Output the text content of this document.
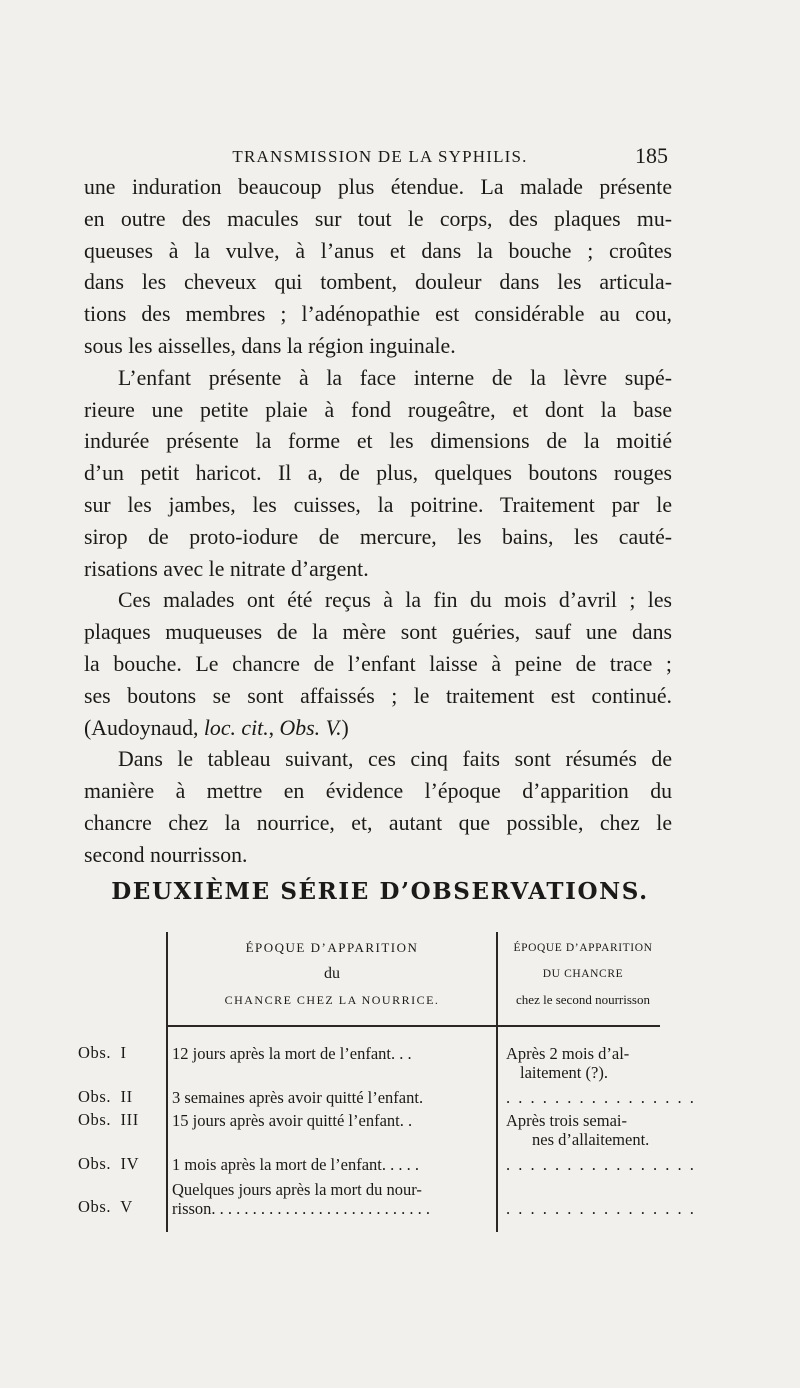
TRANSMISSION DE LA SYPHILIS.	185

une induration beaucoup plus étendue. La malade présente
en outre des macules sur tout le corps, des plaques mu-
queuses à la vulve, à l’anus et dans la bouche ; croûtes
dans les cheveux qui tombent, douleur dans les articula-
tions des membres ; l’adénopathie est considérable au cou,
sous les aisselles, dans la région inguinale.

L’enfant présente à la face interne de la lèvre supé-
rieure une petite plaie à fond rougeâtre, et dont la base
indurée présente la forme et les dimensions de la moitié
d’un petit haricot. Il a, de plus, quelques boutons rouges
sur les jambes, les cuisses, la poitrine. Traitement par le
sirop de proto-iodure de mercure, les bains, les cauté-
risations avec le nitrate d’argent.

Ces malades ont été reçus à la fin du mois d’avril ; les
plaques muqueuses de la mère sont guéries, sauf une dans
la bouche. Le chancre de l’enfant laisse à peine de trace ;
ses boutons se sont affaissés ; le traitement est continué.
(Audoynaud, loc. cit., Obs. V.)

Dans le tableau suivant, ces cinq faits sont résumés de
manière à mettre en évidence l’époque d’apparition du
chancre chez la nourrice, et, autant que possible, chez le
second nourrisson.

DEUXIÈME SÉRIE D’OBSERVATIONS.
ÉPOQUE D’APPARITION
du
CHANCRE CHEZ LA NOURRICE.
ÉPOQUE D’APPARITION
DU CHANCRE
chez le second nourrisson
Obs.  I	12 jours après la mort de l’enfant. . .	Après 2 mois d’al-
laitement (?).
Obs.  II 3 semaines après avoir quitté l’enfant.	. . . . . . . . . . . . . . . .
Obs.  III 15 jours après avoir quitté l’enfant. .	Après trois semai-
nes d’allaitement.
Obs.  IV 1 mois après la mort de l’enfant. . . . .	. . . . . . . . . . . . . . . .
Obs.  V
Quelques jours après la mort du nour-
risson. . . . . . . . . . . . . . . . . . . . . . . . . . .	. . . . . . . . . . . . . . . .
